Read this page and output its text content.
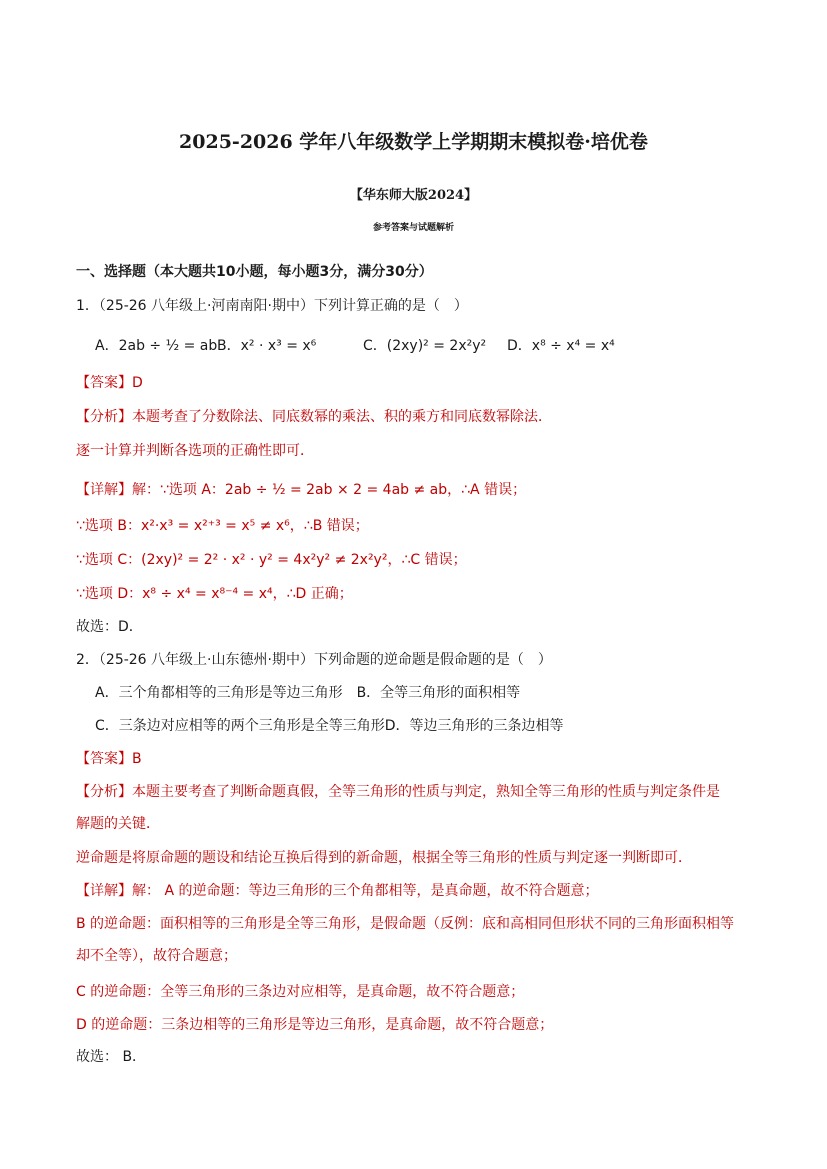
2025-2026 学年八年级数学上学期期末模拟卷·培优卷
【华东师大版2024】
参考答案与试题解析
一、选择题（本大题共10小题，每小题3分，满分30分）
1．（25-26 八年级上·河南南阳·期中）下列计算正确的是（　）
A．2ab ÷ ½ = ab B．x² · x³ = x⁶	C．(2xy)² = 2x²y² D．x⁸ ÷ x⁴ = x⁴
【答案】D
【分析】本题考查了分数除法、同底数幂的乘法、积的乘方和同底数幂除法．
逐一计算并判断各选项的正确性即可．
【详解】解：∵选项 A：2ab ÷ ½ = 2ab × 2 = 4ab ≠ ab，∴A 错误；
∵选项 B：x²·x³ = x²⁺³ = x⁵ ≠ x⁶，∴B 错误；
∵选项 C：(2xy)² = 2² · x² · y² = 4x²y² ≠ 2x²y²，∴C 错误；
∵选项 D：x⁸ ÷ x⁴ = x⁸⁻⁴ = x⁴，∴D 正确；
故选：D．
2．（25-26 八年级上·山东德州·期中）下列命题的逆命题是假命题的是（　）
A．三个角都相等的三角形是等边三角形　B．全等三角形的面积相等
C．三条边对应相等的两个三角形是全等三角形D．等边三角形的三条边相等
【答案】B
【分析】本题主要考查了判断命题真假，全等三角形的性质与判定，熟知全等三角形的性质与判定条件是
解题的关键．
逆命题是将原命题的题设和结论互换后得到的新命题，根据全等三角形的性质与判定逐一判断即可．
【详解】解： A 的逆命题：等边三角形的三个角都相等，是真命题，故不符合题意；
B 的逆命题：面积相等的三角形是全等三角形，是假命题（反例：底和高相同但形状不同的三角形面积相等
却不全等），故符合题意；
C 的逆命题：全等三角形的三条边对应相等，是真命题，故不符合题意；
D 的逆命题：三条边相等的三角形是等边三角形，是真命题，故不符合题意；
故选： B．
